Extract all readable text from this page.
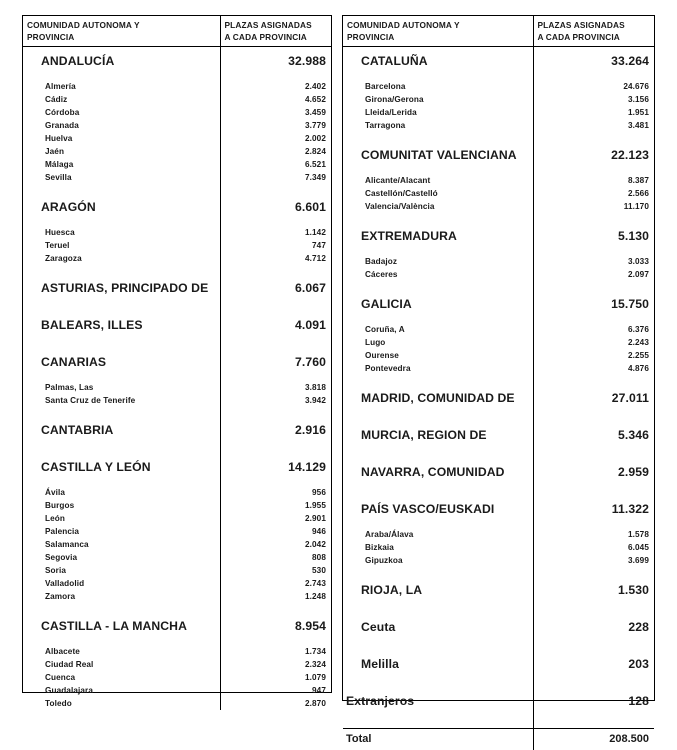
COMUNIDAD AUTONOMA Y
PROVINCIA	PLAZAS ASIGNADAS
A CADA PROVINCIA

ANDALUCÍA	32.988

Almería	2.402
Cádiz	4.652
Córdoba	3.459
Granada	3.779
Huelva	2.002
Jaén	2.824
Málaga	6.521
Sevilla	7.349

ARAGÓN	6.601

Huesca	1.142
Teruel	747
Zaragoza	4.712

ASTURIAS, PRINCIPADO DE	6.067

BALEARS, ILLES	4.091

CANARIAS	7.760

Palmas, Las	3.818
Santa Cruz de Tenerife	3.942

CANTABRIA	2.916

CASTILLA Y LEÓN	14.129

Ávila	956
Burgos	1.955
León	2.901
Palencia	946
Salamanca	2.042
Segovia	808
Soria	530
Valladolid	2.743
Zamora	1.248

CASTILLA - LA MANCHA	8.954

Albacete	1.734
Ciudad Real	2.324
Cuenca	1.079
Guadalajara	947
Toledo	2.870
COMUNIDAD AUTONOMA Y
PROVINCIA	PLAZAS ASIGNADAS
A CADA PROVINCIA

CATALUÑA	33.264

Barcelona	24.676
Girona/Gerona	3.156
Lleida/Lerida	1.951
Tarragona	3.481

COMUNITAT VALENCIANA	22.123

Alicante/Alacant	8.387
Castellón/Castelló	2.566
Valencia/València	11.170

EXTREMADURA	5.130

Badajoz	3.033
Cáceres	2.097

GALICIA	15.750

Coruña, A	6.376
Lugo	2.243
Ourense	2.255
Pontevedra	4.876

MADRID, COMUNIDAD DE	27.011

MURCIA, REGION DE	5.346

NAVARRA, COMUNIDAD	2.959

PAÍS VASCO/EUSKADI	11.322

Araba/Álava	1.578
Bizkaia	6.045
Gipuzkoa	3.699

RIOJA, LA	1.530

Ceuta	228

Melilla	203

Extranjeros	128

Total	208.500
